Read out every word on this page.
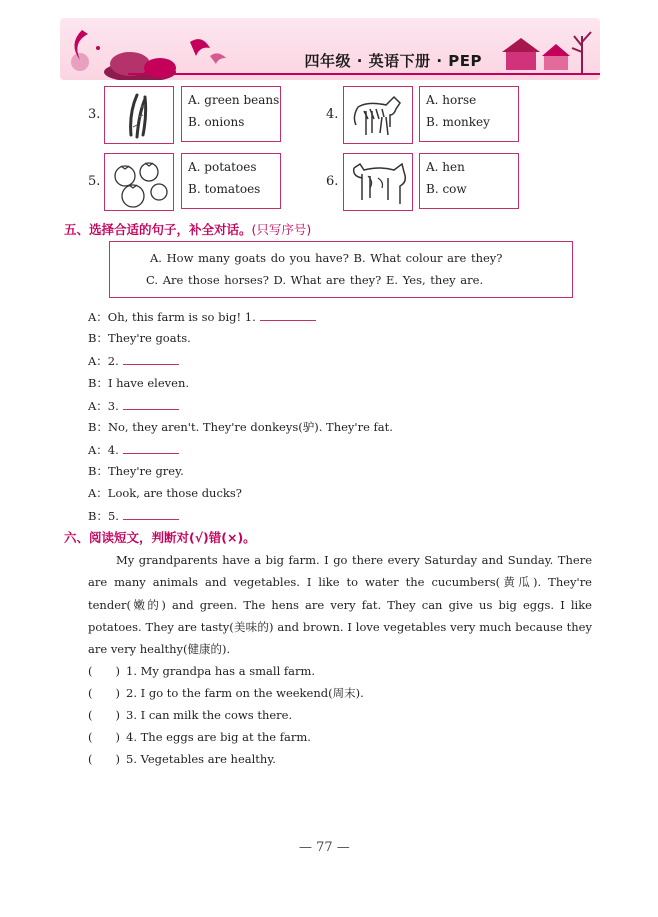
四年级 · 英语下册 · PEP
3.
A. green beans
B. onions	4.
A. horse
B. monkey
5.
A. potatoes
B. tomatoes	6.
A. hen
B. cow
五、选择合适的句子，补全对话。(只写序号)
A. How many goats do you have? B. What colour are they?
C. Are those horses? D. What are they? E. Yes, they are.
A：Oh, this farm is so big! 1.
B：They're goats.
A：2.
B：I have eleven.
A：3.
B：No, they aren't. They're donkeys(驴). They're fat.
A：4.
B：They're grey.
A：Look, are those ducks?
B：5.
六、阅读短文，判断对(√)错(×)。
My grandparents have a big farm. I go there every Saturday and Sunday. There are many animals and vegetables. I like to water the cucumbers(黄瓜). They're tender(嫩的) and green. The hens are very fat. They can give us big eggs. I like potatoes. They are tasty(美味的) and brown. I love vegetables very much because they are very healthy(健康的).
(　　) 1. My grandpa has a small farm.
(　　) 2. I go to the farm on the weekend(周末).
(　　) 3. I can milk the cows there.
(　　) 4. The eggs are big at the farm.
(　　) 5. Vegetables are healthy.
— 77 —
